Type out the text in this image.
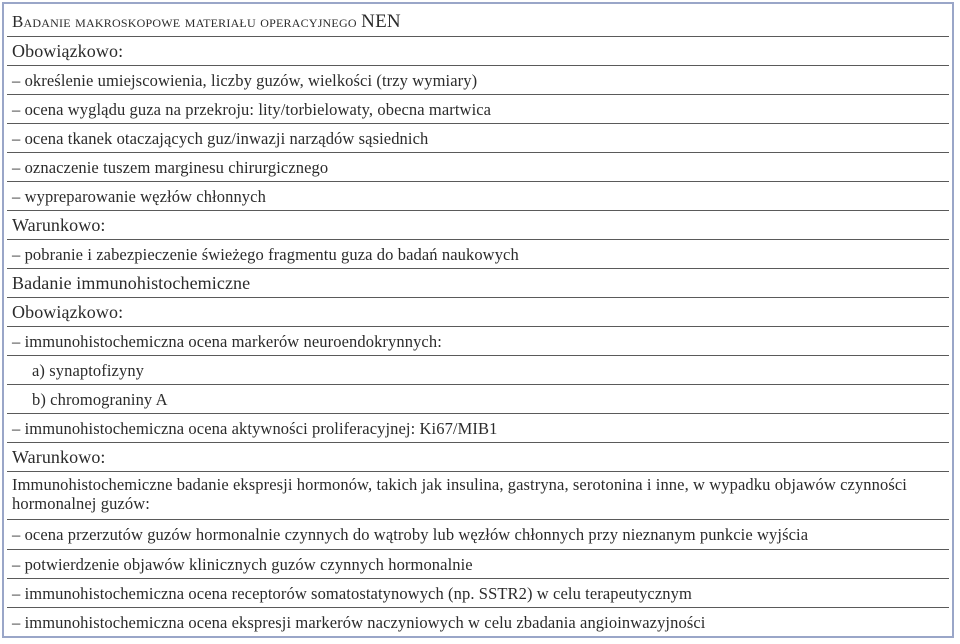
Badanie makroskopowe materiału operacyjnego NEN
Obowiązkowo:
– określenie umiejscowienia, liczby guzów, wielkości (trzy wymiary)
– ocena wyglądu guza na przekroju: lity/torbielowaty, obecna martwica
– ocena tkanek otaczających guz/inwazji narządów sąsiednich
– oznaczenie tuszem marginesu chirurgicznego
– wypreparowanie węzłów chłonnych
Warunkowo:
– pobranie i zabezpieczenie świeżego fragmentu guza do badań naukowych
Badanie immunohistochemiczne
Obowiązkowo:
– immunohistochemiczna ocena markerów neuroendokrynnych:
a) synaptofizyny
b) chromograniny A
– immunohistochemiczna ocena aktywności proliferacyjnej: Ki67/MIB1
Warunkowo:
Immunohistochemiczne badanie ekspresji hormonów, takich jak insulina, gastryna, serotonina i inne, w wypadku objawów czynności hormonalnej guzów:
– ocena przerzutów guzów hormonalnie czynnych do wątroby lub węzłów chłonnych przy nieznanym punkcie wyjścia
– potwierdzenie objawów klinicznych guzów czynnych hormonalnie
– immunohistochemiczna ocena receptorów somatostatynowych (np. SSTR2) w celu terapeutycznym
– immunohistochemiczna ocena ekspresji markerów naczyniowych w celu zbadania angioinwazyjności
